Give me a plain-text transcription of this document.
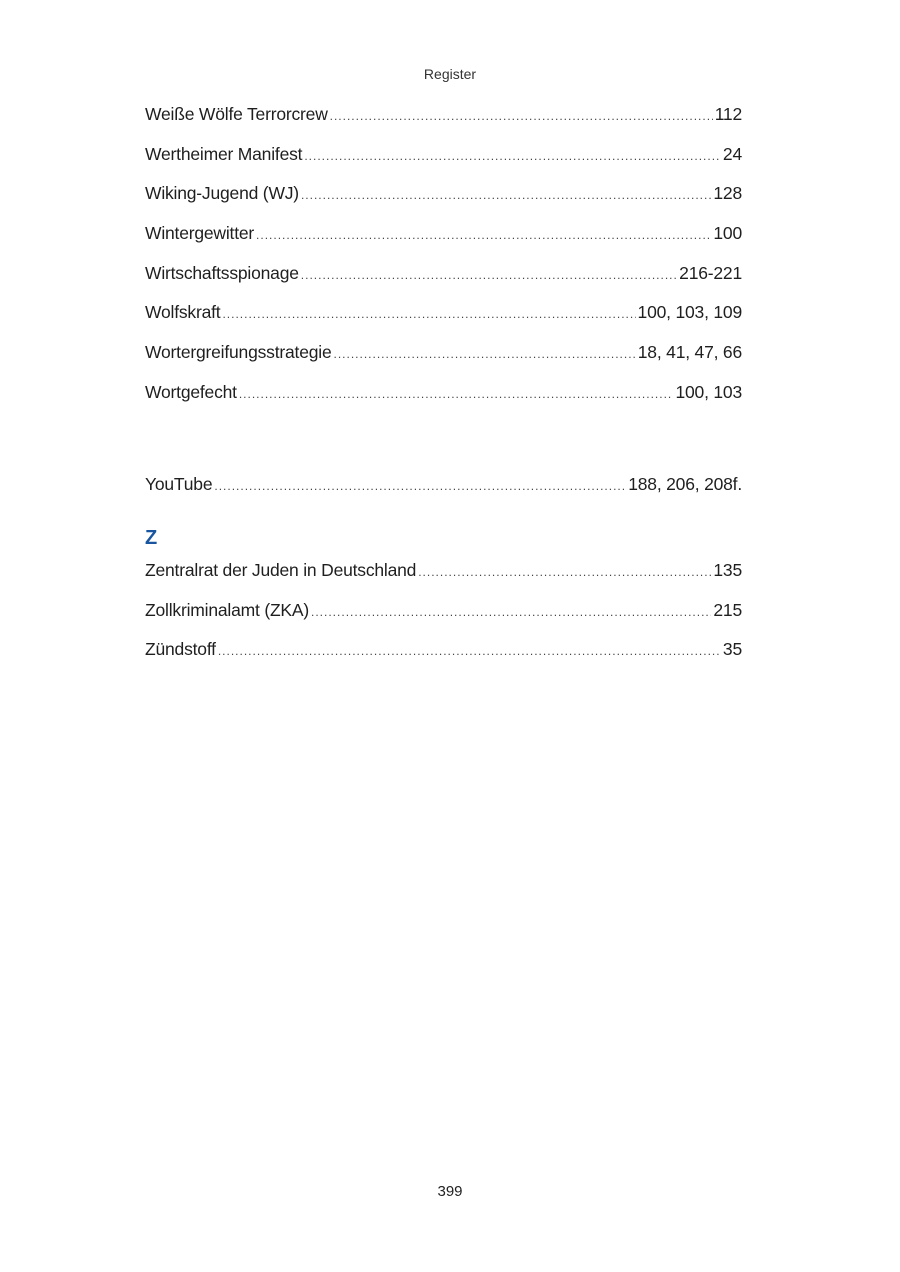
Register
Weiße Wölfe Terrorcrew .....	112
Wertheimer Manifest .....	24
Wiking-Jugend (WJ) .....	128
Wintergewitter .....	100
Wirtschaftsspionage .....	216-221
Wolfskraft .....	100, 103, 109
Wortergreifungsstrategie .....	18, 41, 47, 66
Wortgefecht .....	100, 103
YouTube .....	188, 206, 208f.
Z
Zentralrat der Juden in Deutschland .....	135
Zollkriminalamt (ZKA) .....	215
Zündstoff .....	35
399
